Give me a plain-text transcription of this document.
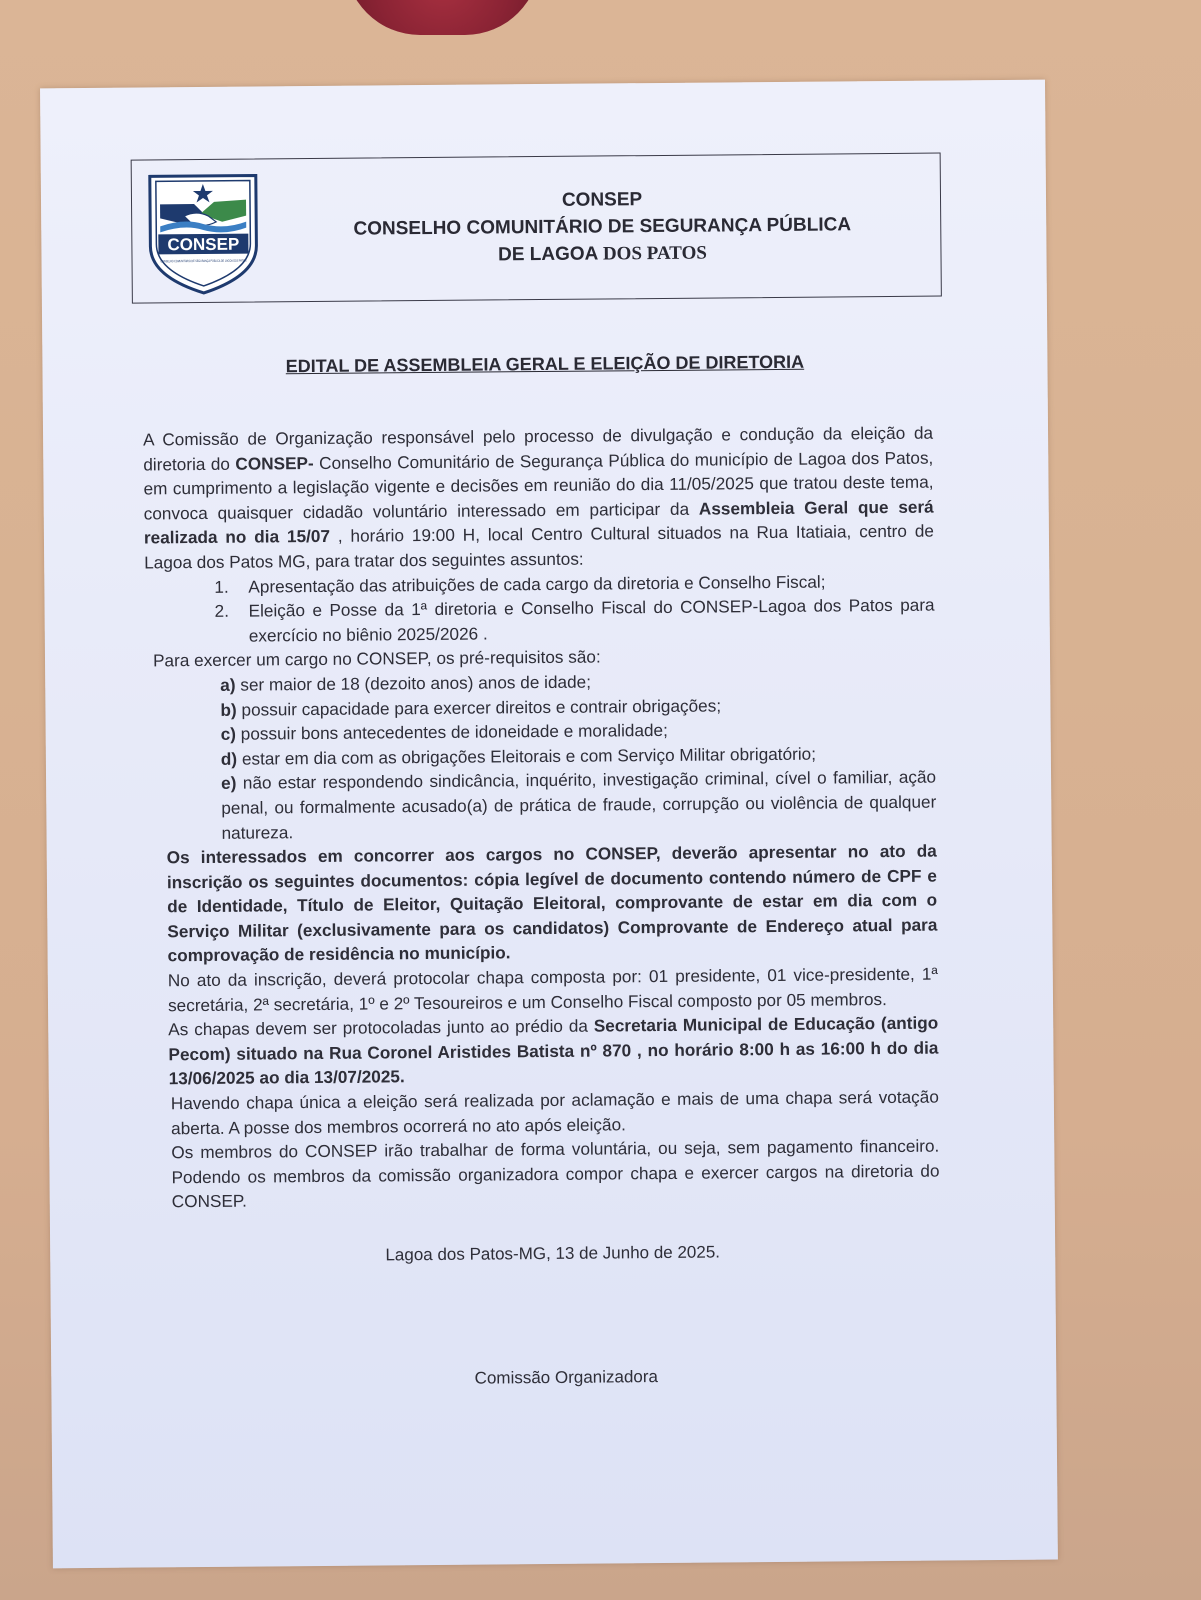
CONSEP
CONSELHO COMUNITÁRIO DE SEGURANÇA PÚBLICA DE LAGOA DOS PATOS
CONSEP
CONSELHO COMUNITÁRIO DE SEGURANÇA PÚBLICA
DE LAGOA DOS PATOS
EDITAL DE ASSEMBLEIA GERAL E ELEIÇÃO DE DIRETORIA

A Comissão de Organização responsável pelo processo de divulgação e condução da eleição da diretoria do CONSEP- Conselho Comunitário de Segurança Pública do município de Lagoa dos Patos, em cumprimento a legislação vigente e decisões em reunião do dia 11/05/2025 que tratou deste tema, convoca quaisquer cidadão voluntário interessado em participar da Assembleia Geral que será realizada no dia 15/07 , horário 19:00 H, local Centro Cultural situados na Rua Itatiaia, centro de Lagoa dos Patos MG, para tratar dos seguintes assuntos:

1.	Apresentação das atribuições de cada cargo da diretoria e Conselho Fiscal;
2.	Eleição e Posse da 1ª diretoria e Conselho Fiscal do CONSEP-Lagoa dos Patos para exercício no biênio 2025/2026 .

Para exercer um cargo no CONSEP, os pré-requisitos são:

a) ser maior de 18 (dezoito anos) anos de idade;
b) possuir capacidade para exercer direitos e contrair obrigações;
c) possuir bons antecedentes de idoneidade e moralidade;
d) estar em dia com as obrigações Eleitorais e com Serviço Militar obrigatório;
e) não estar respondendo sindicância, inquérito, investigação criminal, cível o familiar, ação penal, ou formalmente acusado(a) de prática de fraude, corrupção ou violência de qualquer natureza.

Os interessados em concorrer aos cargos no CONSEP, deverão apresentar no ato da inscrição os seguintes documentos: cópia legível de documento contendo número de CPF e de Identidade, Título de Eleitor, Quitação Eleitoral, comprovante de estar em dia com o Serviço Militar (exclusivamente para os candidatos) Comprovante de Endereço atual para comprovação de residência no município.

No ato da inscrição, deverá protocolar chapa composta por: 01 presidente, 01 vice-presidente, 1ª secretária, 2ª secretária, 1º e 2º Tesoureiros e um Conselho Fiscal composto por 05 membros.

As chapas devem ser protocoladas junto ao prédio da Secretaria Municipal de Educação (antigo Pecom) situado na Rua Coronel Aristides Batista nº 870 , no horário 8:00 h as 16:00 h do dia 13/06/2025 ao dia 13/07/2025.

Havendo chapa única a eleição será realizada por aclamação e mais de uma chapa será votação aberta. A posse dos membros ocorrerá no ato após eleição.

Os membros do CONSEP irão trabalhar de forma voluntária, ou seja, sem pagamento financeiro. Podendo os membros da comissão organizadora compor chapa e exercer cargos na diretoria do CONSEP.

Lagoa dos Patos-MG, 13 de Junho de 2025.
Comissão Organizadora
